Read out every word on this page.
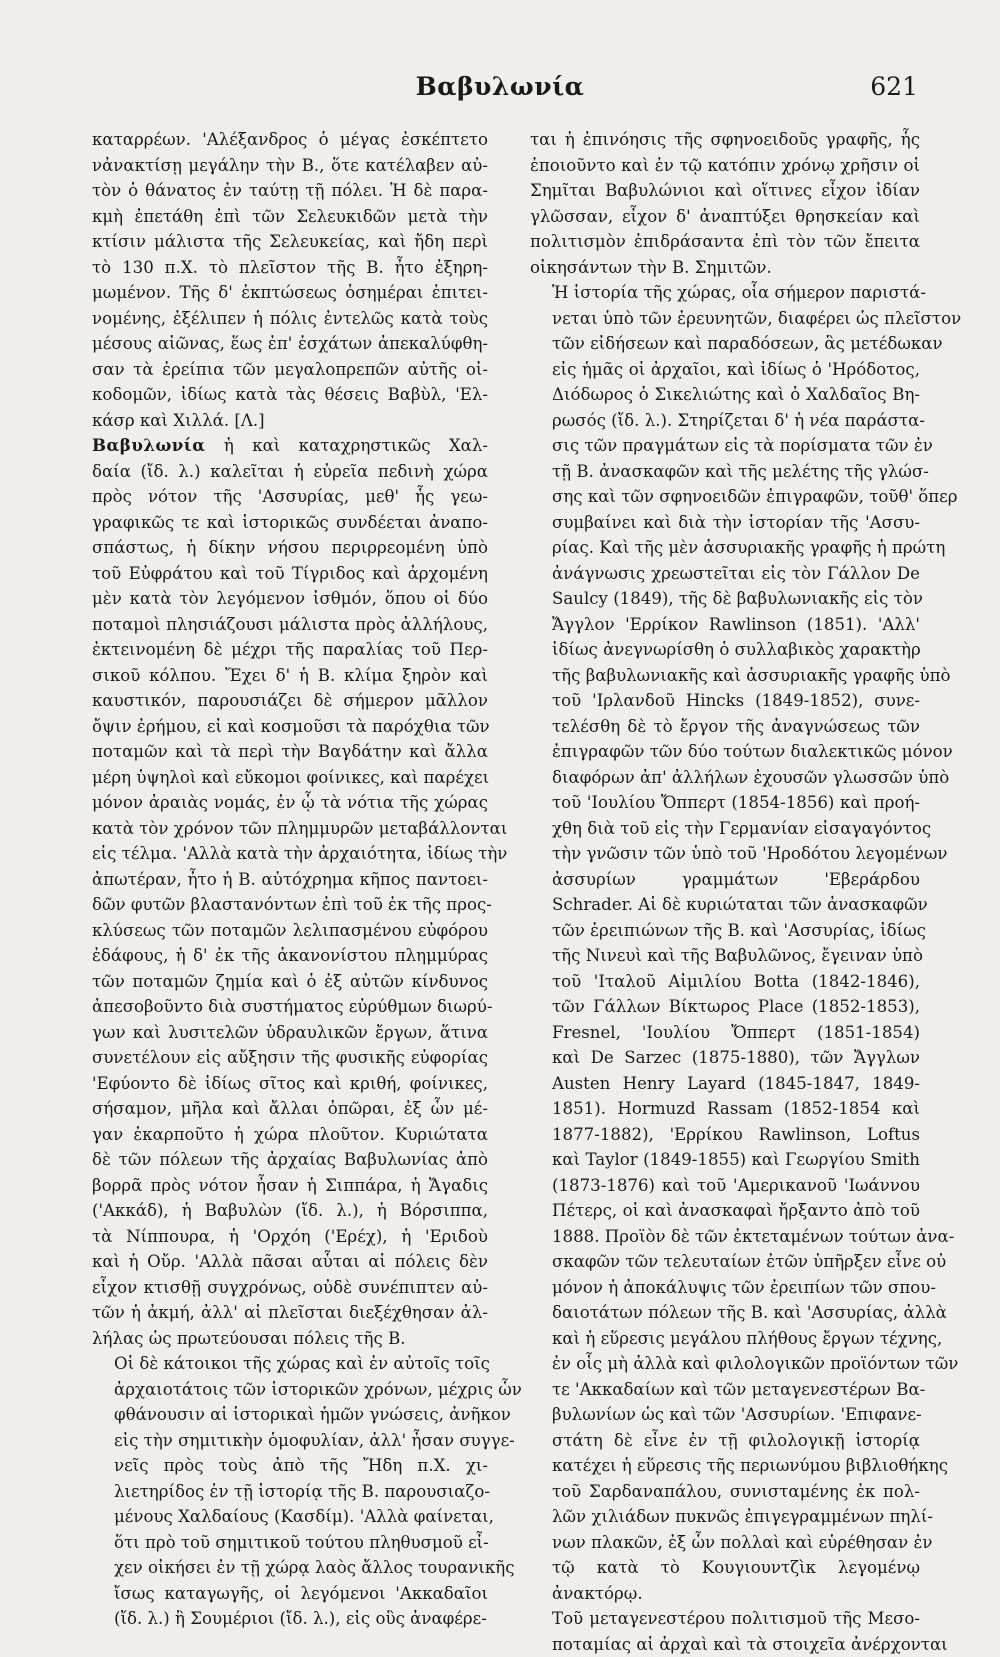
Βαβυλωνία	621

καταρρέων. 'Αλέξανδρος ὁ μέγας ἐσκέπτετο
νἀνακτίσῃ μεγάλην τὴν Β., ὅτε κατέλαβεν αὐ-
τὸν ὁ θάνατος ἐν ταύτῃ τῇ πόλει. Ἡ δὲ παρα-
κμὴ ἐπετάθη ἐπὶ τῶν Σελευκιδῶν μετὰ τὴν
κτίσιν μάλιστα τῆς Σελευκείας, καὶ ἤδη περὶ
τὸ 130 π.Χ. τὸ πλεῖστον τῆς Β. ἦτο ἐξηρη-
μωμένον. Τῆς δ' ἐκπτώσεως ὁσημέραι ἐπιτει-
νομένης, ἐξέλιπεν ἡ πόλις ἐντελῶς κατὰ τοὺς
μέσους αἰῶνας, ἕως ἐπ' ἐσχάτων ἀπεκαλύφθη-
σαν τὰ ἐρείπια τῶν μεγαλοπρεπῶν αὐτῆς οἰ-
κοδομῶν, ἰδίως κατὰ τὰς θέσεις Βαβὺλ, 'Ελ-
κάσρ καὶ Χιλλά. [Λ.]

Βαβυλωνία ἡ καὶ καταχρηστικῶς Χαλ-
δαία (ἴδ. λ.) καλεῖται ἡ εὐρεῖα πεδινὴ χώρα
πρὸς νότον τῆς 'Ασσυρίας, μεθ' ἧς γεω-
γραφικῶς τε καὶ ἱστορικῶς συνδέεται ἀναπο-
σπάστως, ἡ δίκην νήσου περιρρεομένη ὑπὸ
τοῦ Εὐφράτου καὶ τοῦ Τίγριδος καὶ ἀρχομένη
μὲν κατὰ τὸν λεγόμενον ἰσθμόν, ὅπου οἱ δύο
ποταμοὶ πλησιάζουσι μάλιστα πρὸς ἀλλήλους,
ἐκτεινομένη δὲ μέχρι τῆς παραλίας τοῦ Περ-
σικοῦ κόλπου. Ἔχει δ' ἡ Β. κλίμα ξηρὸν καὶ
καυστικόν, παρουσιάζει δὲ σήμερον μᾶλλον
ὄψιν ἐρήμου, εἰ καὶ κοσμοῦσι τὰ παρόχθια τῶν
ποταμῶν καὶ τὰ περὶ τὴν Βαγδάτην καὶ ἄλλα
μέρη ὑψηλοὶ καὶ εὔκομοι φοίνικες, καὶ παρέχει
μόνον ἀραιὰς νομάς, ἐν ᾧ τὰ νότια τῆς χώρας
κατὰ τὸν χρόνον τῶν πλημμυρῶν μεταβάλλονται
εἰς τέλμα. 'Αλλὰ κατὰ τὴν ἀρχαιότητα, ἰδίως τὴν
ἀπωτέραν, ἦτο ἡ Β. αὐτόχρημα κῆπος παντοει-
δῶν φυτῶν βλαστανόντων ἐπὶ τοῦ ἐκ τῆς προς-
κλύσεως τῶν ποταμῶν λελιπασμένου εὐφόρου
ἐδάφους, ἡ δ' ἐκ τῆς ἀκανονίστου πλημμύρας
τῶν ποταμῶν ζημία καὶ ὁ ἐξ αὐτῶν κίνδυνος
ἀπεσοβοῦντο διὰ συστήματος εὐρύθμων διωρύ-
γων καὶ λυσιτελῶν ὑδραυλικῶν ἔργων, ἅτινα
συνετέλουν εἰς αὔξησιν τῆς φυσικῆς εὐφορίας
'Εφύοντο δὲ ἰδίως σῖτος καὶ κριθή, φοίνικες,
σήσαμον, μῆλα καὶ ἄλλαι ὀπῶραι, ἐξ ὧν μέ-
γαν ἐκαρποῦτο ἡ χώρα πλοῦτον. Κυριώτατα
δὲ τῶν πόλεων τῆς ἀρχαίας Βαβυλωνίας ἀπὸ
βορρᾶ πρὸς νότον ἦσαν ἡ Σιππάρα, ἡ Ἄγαδις
('Ακκάδ), ἡ Βαβυλὼν (ἴδ. λ.), ἡ Βόρσιππα,
τὰ Νίππουρα, ἡ 'Ορχόη ('Ερέχ), ἡ 'Εριδοὺ
καὶ ἡ Οὔρ. 'Αλλὰ πᾶσαι αὗται αἱ πόλεις δὲν
εἶχον κτισθῇ συγχρόνως, οὐδὲ συνέπιπτεν αὐ-
τῶν ἡ ἀκμή, ἀλλ' αἱ πλεῖσται διεξέχθησαν ἀλ-
λήλας ὡς πρωτεύουσαι πόλεις τῆς Β.

Οἱ δὲ κάτοικοι τῆς χώρας καὶ ἐν αὐτοῖς τοῖς
ἀρχαιοτάτοις τῶν ἱστορικῶν χρόνων, μέχρις ὧν
φθάνουσιν αἱ ἱστορικαὶ ἡμῶν γνώσεις, ἀνῆκον
εἰς τὴν σημιτικὴν ὁμοφυλίαν, ἀλλ' ἦσαν συγγε-
νεῖς πρὸς τοὺς ἀπὸ τῆς Ἤδη π.Χ. χι-
λιετηρίδος ἐν τῇ ἱστορίᾳ τῆς Β. παρουσιαζο-
μένους Χαλδαίους (Κασδίμ). 'Αλλὰ φαίνεται,
ὅτι πρὸ τοῦ σημιτικοῦ τούτου πληθυσμοῦ εἶ-
χεν οἰκήσει ἐν τῇ χώρᾳ λαὸς ἄλλος τουρανικῆς
ἴσως καταγωγῆς, οἱ λεγόμενοι 'Ακκαδαῖοι
(ἴδ. λ.) ἢ Σουμέριοι (ἴδ. λ.), εἰς οὓς ἀναφέρε-

ται ἡ ἐπινόησις τῆς σφηνοειδοῦς γραφῆς, ἧς
ἐποιοῦντο καὶ ἐν τῷ κατόπιν χρόνῳ χρῆσιν οἱ
Σημῖται Βαβυλώνιοι καὶ οἵτινες εἶχον ἰδίαν
γλῶσσαν, εἶχον δ' ἀναπτύξει θρησκείαν καὶ
πολιτισμὸν ἐπιδράσαντα ἐπὶ τὸν τῶν ἔπειτα
οἰκησάντων τὴν Β. Σημιτῶν.

Ἡ ἱστορία τῆς χώρας, οἷα σήμερον παριστά-
νεται ὑπὸ τῶν ἐρευνητῶν, διαφέρει ὡς πλεῖστον
τῶν εἰδήσεων καὶ παραδόσεων, ἃς μετέδωκαν
εἰς ἡμᾶς οἱ ἀρχαῖοι, καὶ ἰδίως ὁ 'Ηρόδοτος,
Διόδωρος ὁ Σικελιώτης καὶ ὁ Χαλδαῖος Βη-
ρωσός (ἴδ. λ.). Στηρίζεται δ' ἡ νέα παράστα-
σις τῶν πραγμάτων εἰς τὰ πορίσματα τῶν ἐν
τῇ Β. ἀνασκαφῶν καὶ τῆς μελέτης τῆς γλώσ-
σης καὶ τῶν σφηνοειδῶν ἐπιγραφῶν, τοῦθ' ὅπερ
συμβαίνει καὶ διὰ τὴν ἱστορίαν τῆς 'Ασσυ-
ρίας. Καὶ τῆς μὲν ἀσσυριακῆς γραφῆς ἡ πρώτη
ἀνάγνωσις χρεωστεῖται εἰς τὸν Γάλλον De
Saulcy (1849), τῆς δὲ βαβυλωνιακῆς εἰς τὸν
Ἄγγλον 'Ερρίκον Rawlinson (1851). 'Αλλ'
ἰδίως ἀνεγνωρίσθη ὁ συλλαβικὸς χαρακτὴρ
τῆς βαβυλωνιακῆς καὶ ἀσσυριακῆς γραφῆς ὑπὸ
τοῦ 'Ιρλανδοῦ Hincks (1849-1852), συνε-
τελέσθη δὲ τὸ ἔργον τῆς ἀναγνώσεως τῶν
ἐπιγραφῶν τῶν δύο τούτων διαλεκτικῶς μόνον
διαφόρων ἀπ' ἀλλήλων ἐχουσῶν γλωσσῶν ὑπὸ
τοῦ 'Ιουλίου Ὄππερτ (1854-1856) καὶ προή-
χθη διὰ τοῦ εἰς τὴν Γερμανίαν εἰσαγαγόντος
τὴν γνῶσιν τῶν ὑπὸ τοῦ 'Ηροδότου λεγομένων
ἀσσυρίων γραμμάτων 'Εβεράρδου
Schrader. Αἱ δὲ κυριώταται τῶν ἀνασκαφῶν
τῶν ἐρειπιώνων τῆς Β. καὶ 'Ασσυρίας, ἰδίως
τῆς Νινευὶ καὶ τῆς Βαβυλῶνος, ἔγειναν ὑπὸ
τοῦ 'Ιταλοῦ Αἰμιλίου Botta (1842-1846),
τῶν Γάλλων Βίκτωρος Place (1852-1853),
Fresnel, 'Ιουλίου Ὄππερτ (1851-1854)
καὶ De Sarzec (1875-1880), τῶν Ἄγγλων
Austen Henry Layard (1845-1847, 1849-
1851). Hormuzd Rassam (1852-1854 καὶ
1877-1882), 'Ερρίκου Rawlinson, Loftus
καὶ Taylor (1849-1855) καὶ Γεωργίου Smith
(1873-1876) καὶ τοῦ 'Αμερικανοῦ 'Ιωάννου
Πέτερς, οἱ καὶ ἀνασκαφαὶ ἤρξαντο ἀπὸ τοῦ
1888. Προϊὸν δὲ τῶν ἐκτεταμένων τούτων ἀνα-
σκαφῶν τῶν τελευταίων ἐτῶν ὑπῆρξεν εἶνε οὐ
μόνον ἡ ἀποκάλυψις τῶν ἐρειπίων τῶν σπου-
δαιοτάτων πόλεων τῆς Β. καὶ 'Ασσυρίας, ἀλλὰ
καὶ ἡ εὕρεσις μεγάλου πλήθους ἔργων τέχνης,
ἐν οἷς μὴ ἀλλὰ καὶ φιλολογικῶν προϊόντων τῶν
τε 'Ακκαδαίων καὶ τῶν μεταγενεστέρων Βα-
βυλωνίων ὡς καὶ τῶν 'Ασσυρίων. 'Επιφανε-
στάτη δὲ εἶνε ἐν τῇ φιλολογικῇ ἱστορίᾳ
κατέχει ἡ εὕρεσις τῆς περιωνύμου βιβλιοθήκης
τοῦ Σαρδαναπάλου, συνισταμένης ἐκ πολ-
λῶν χιλιάδων πυκνῶς ἐπιγεγραμμένων πηλί-
νων πλακῶν, ἐξ ὧν πολλαὶ καὶ εὑρέθησαν ἐν
τῷ κατὰ τὸ Κουγιουντζὶκ λεγομένῳ
ἀνακτόρῳ.

Τοῦ μεταγενεστέρου πολιτισμοῦ τῆς Μεσο-
ποταμίας αἱ ἀρχαὶ καὶ τὰ στοιχεῖα ἀνέρχονται
